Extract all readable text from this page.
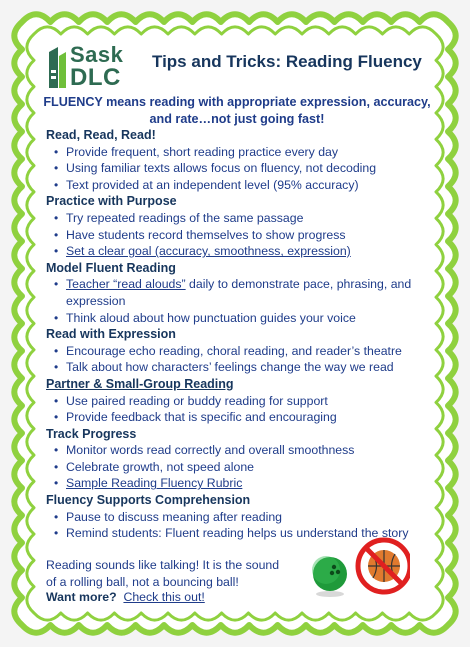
Sask
DLC
Tips and Tricks: Reading Fluency
FLUENCY means reading with appropriate expression, accuracy, and rate…not just going fast!
Read, Read, Read!
• Provide frequent, short reading practice every day
• Using familiar texts allows focus on fluency, not decoding
• Text provided at an independent level (95% accuracy)
Practice with Purpose
• Try repeated readings of the same passage
• Have students record themselves to show progress
• Set a clear goal (accuracy, smoothness, expression)
Model Fluent Reading
• Teacher “read alouds” daily to demonstrate pace, phrasing, and expression
• Think aloud about how punctuation guides your voice
Read with Expression
• Encourage echo reading, choral reading, and reader’s theatre
• Talk about how characters’ feelings change the way we read
Partner & Small-Group Reading
• Use paired reading or buddy reading for support
• Provide feedback that is specific and encouraging
Track Progress
• Monitor words read correctly and overall smoothness
• Celebrate growth, not speed alone
• Sample Reading Fluency Rubric
Fluency Supports Comprehension
• Pause to discuss meaning after reading
• Remind students: Fluent reading helps us understand the story
Reading sounds like talking! It is the sound
of a rolling ball, not a bouncing ball!
Want more? Check this out!
